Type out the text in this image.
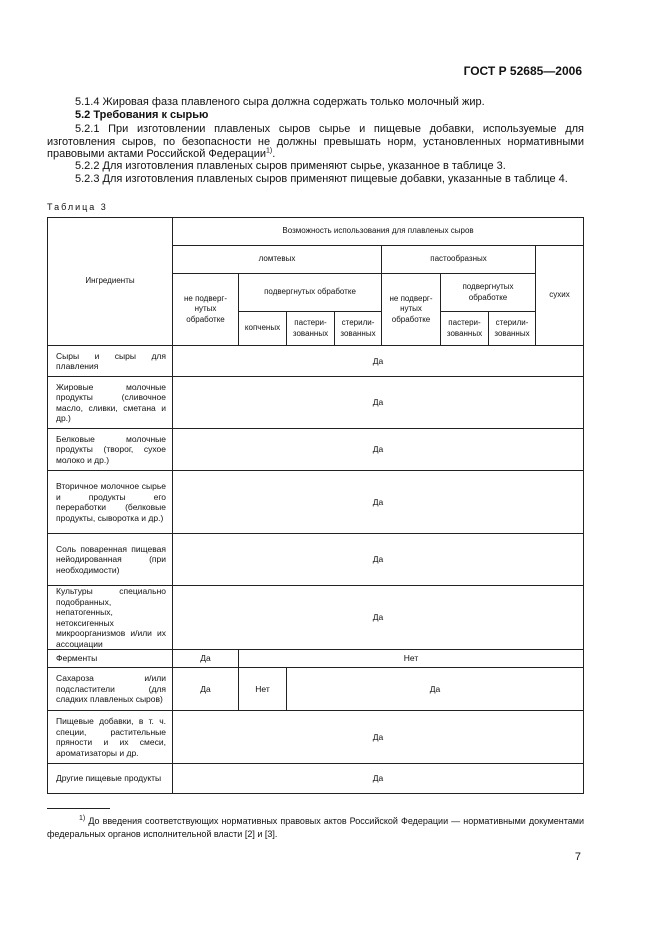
ГОСТ Р 52685—2006

5.1.4 Жировая фаза плавленого сыра должна содержать только молочный жир.

5.2 Требования к сырью

5.2.1 При изготовлении плавленых сыров сырье и пищевые добавки, используемые для изготовления сыров, по безопасности не должны превышать норм, установленных нормативными правовыми актами Российской Федерации$^{1)}$.

5.2.2 Для изготовления плавленых сыров применяют сырье, указанное в таблице 3.

5.2.3 Для изготовления плавленых сыров применяют пищевые добавки, указанные в таблице 4.

Таблица 3
Ингредиенты	Возможность использования для плавленых сыров							
	ломтевых				пастообразных			сухих
	не подверг-нутых обработке	подвергнутых обработке			не подверг-нутых обработке	подвергнутых обработке		
		копченых	пастери-зованных	стерили-зованных		пастери-зованных	стерили-зованных	
Сыры и сыры для плавления	Да							
Жировые молочные продукты (сливочное масло, сливки, сметана и др.)	Да							
Белковые молочные продукты (творог, сухое молоко и др.)	Да							
Вторичное молочное сырье и продукты его переработки (белковые продукты, сыворотка и др.)	Да							
Соль поваренная пищевая нейодированная (при необходимости)	Да							
Культуры специально подобранных, непатогенных, нетоксигенных микроорганизмов и/или их ассоциации	Да							
Ферменты	Да	Нет						
Сахароза и/или подсластители (для сладких плавленых сыров)	Да	Нет	Да					
Пищевые добавки, в т. ч. специи, растительные пряности и их смеси, ароматизаторы и др.	Да							
Другие пищевые продукты	Да							

$^{1)}$ До введения соответствующих нормативных правовых актов Российской Федерации — нормативными документами федеральных органов исполнительной власти [2] и [3].

7
